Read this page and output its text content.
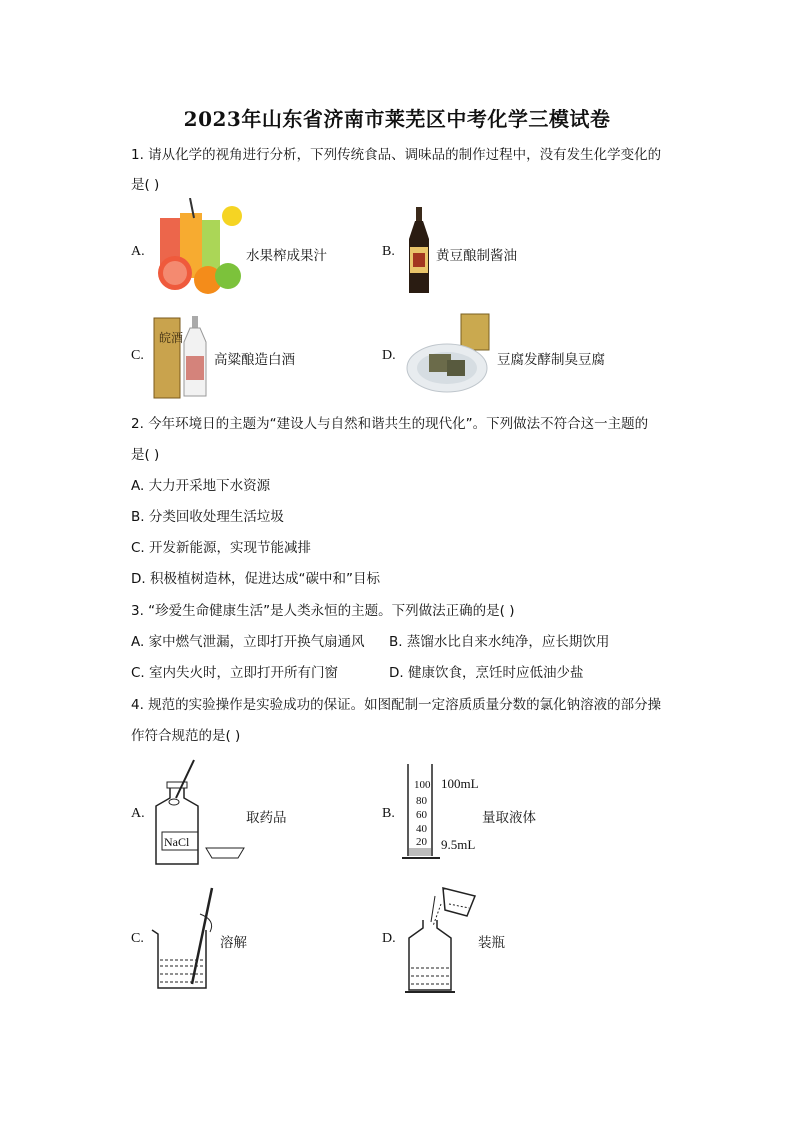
2023年山东省济南市莱芜区中考化学三模试卷
1. 请从化学的视角进行分析，下列传统食品、调味品的制作过程中，没有发生化学变化的
是( )
A.	水果榨成果汁	B.	黄豆酿制酱油
C.
皖酒
高粱酿造白酒	D.	豆腐发酵制臭豆腐
2. 今年环境日的主题为“建设人与自然和谐共生的现代化”。下列做法不符合这一主题的
是( )
A. 大力开采地下水资源
B. 分类回收处理生活垃圾
C. 开发新能源，实现节能减排
D. 积极植树造林，促进达成“碳中和”目标
3. “珍爱生命健康生活”是人类永恒的主题。下列做法正确的是( )
A. 家中燃气泄漏，立即打开换气扇通风 B. 蒸馏水比自来水纯净，应长期饮用
C. 室内失火时，立即打开所有门窗	D. 健康饮食，烹饪时应低油少盐
4. 规范的实验操作是实验成功的保证。如图配制一定溶质质量分数的氯化钠溶液的部分操
作符合规范的是( )
A.
NaCl
取药品	B.
100
80
60
40
20
100mL
9.5mL
量取液体
C.	溶解	D.	装瓶
